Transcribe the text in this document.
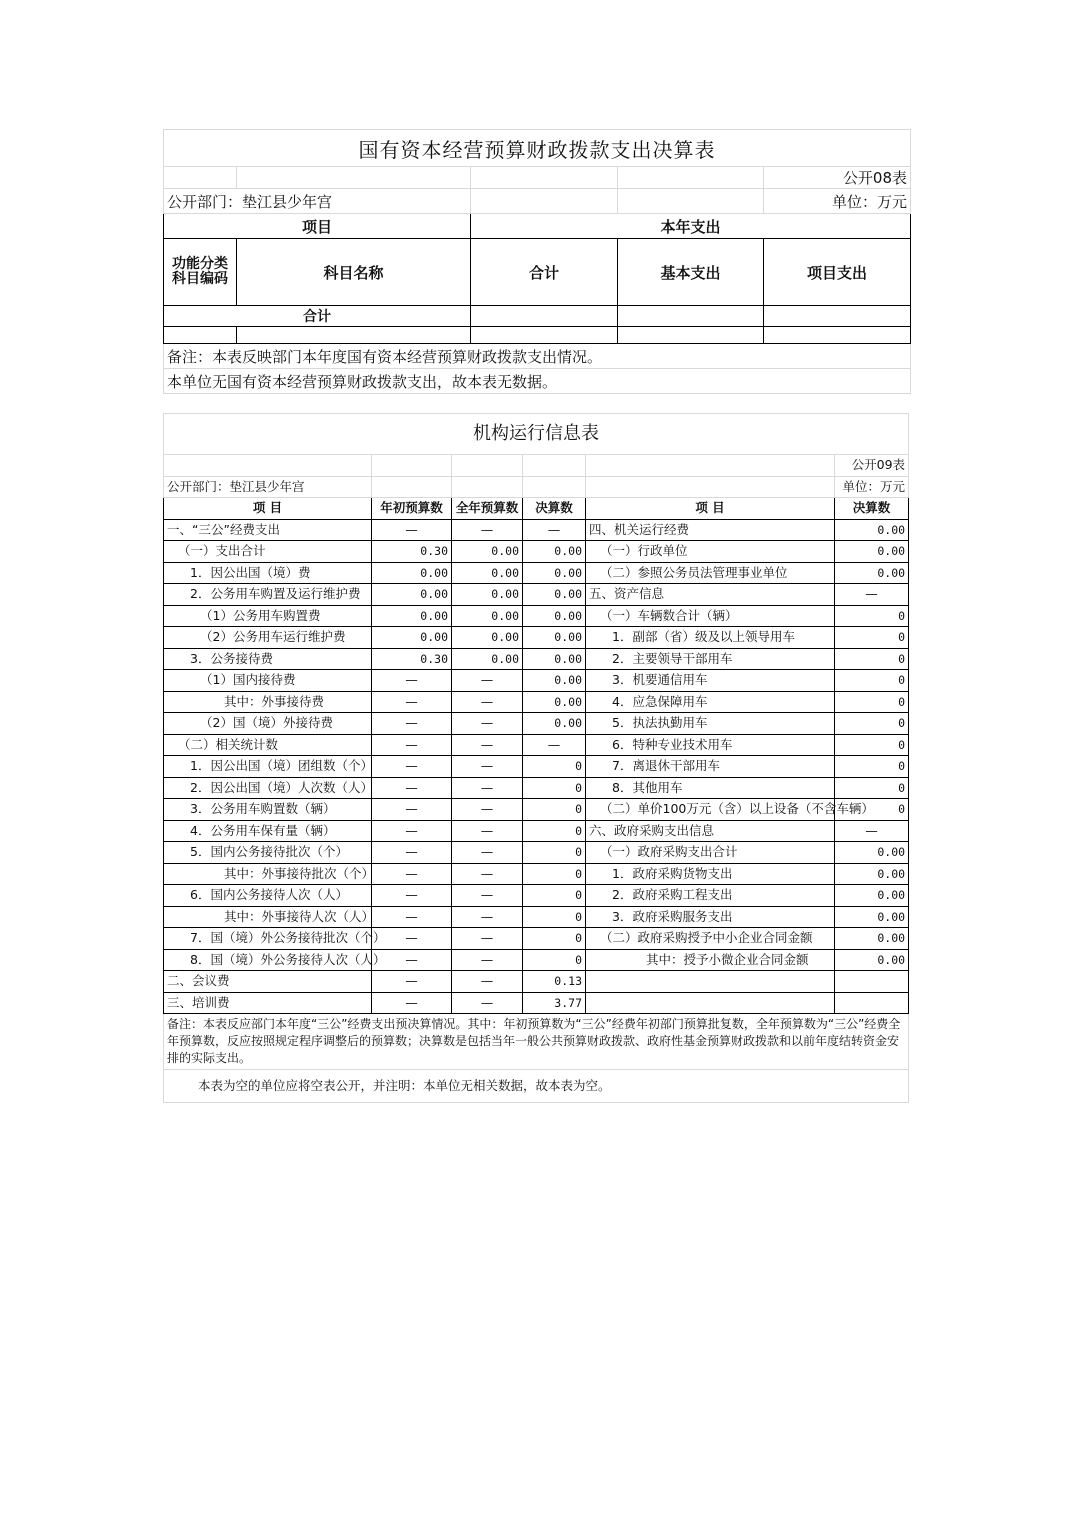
国有资本经营预算财政拨款支出决算表				
				公开08表
公开部门：垫江县少年宫				单位：万元
项目		本年支出		
功能分类科目编码	科目名称	合计	基本支出	项目支出
合计				

备注：本表反映部门本年度国有资本经营预算财政拨款支出情况。				
本单位无国有资本经营预算财政拨款支出，故本表无数据。				
机构运行信息表					
					公开09表
公开部门：垫江县少年宫					单位：万元
项 目	年初预算数	全年预算数	决算数	项 目	决算数
一、“三公”经费支出	—	—	—	四、机关运行经费	0.00
（一）支出合计	0.30	0.00	0.00	（一）行政单位	0.00
1．因公出国（境）费	0.00	0.00	0.00	（二）参照公务员法管理事业单位	0.00
2．公务用车购置及运行维护费	0.00	0.00	0.00	五、资产信息	—
（1）公务用车购置费	0.00	0.00	0.00	（一）车辆数合计（辆）	0
（2）公务用车运行维护费	0.00	0.00	0.00	1．副部（省）级及以上领导用车	0
3．公务接待费	0.30	0.00	0.00	2．主要领导干部用车	0
（1）国内接待费	—	—	0.00	3．机要通信用车	0
其中：外事接待费	—	—	0.00	4．应急保障用车	0
（2）国（境）外接待费	—	—	0.00	5．执法执勤用车	0
（二）相关统计数	—	—	—	6．特种专业技术用车	0
1．因公出国（境）团组数（个）	—	—	0	7．离退休干部用车	0
2．因公出国（境）人次数（人）	—	—	0	8．其他用车	0
3．公务用车购置数（辆）	—	—	0	（二）单价100万元（含）以上设备（不含车辆）	0
4．公务用车保有量（辆）	—	—	0	六、政府采购支出信息	—
5．国内公务接待批次（个）	—	—	0	（一）政府采购支出合计	0.00
其中：外事接待批次（个）	—	—	0	1．政府采购货物支出	0.00
6．国内公务接待人次（人）	—	—	0	2．政府采购工程支出	0.00
其中：外事接待人次（人）	—	—	0	3．政府采购服务支出	0.00
7．国（境）外公务接待批次（个）	—	—	0	（二）政府采购授予中小企业合同金额	0.00
8．国（境）外公务接待人次（人）	—	—	0	其中：授予小微企业合同金额	0.00
二、会议费	—	—	0.13		
三、培训费	—	—	3.77		
备注：本表反应部门本年度“三公”经费支出预决算情况。其中：年初预算数为“三公”经费年初部门预算批复数，全年预算数为“三公”经费全年预算数，反应按照规定程序调整后的预算数；决算数是包括当年一般公共预算财政拨款、政府性基金预算财政拨款和以前年度结转资金安排的实际支出。					
本表为空的单位应将空表公开，并注明：本单位无相关数据，故本表为空。					
